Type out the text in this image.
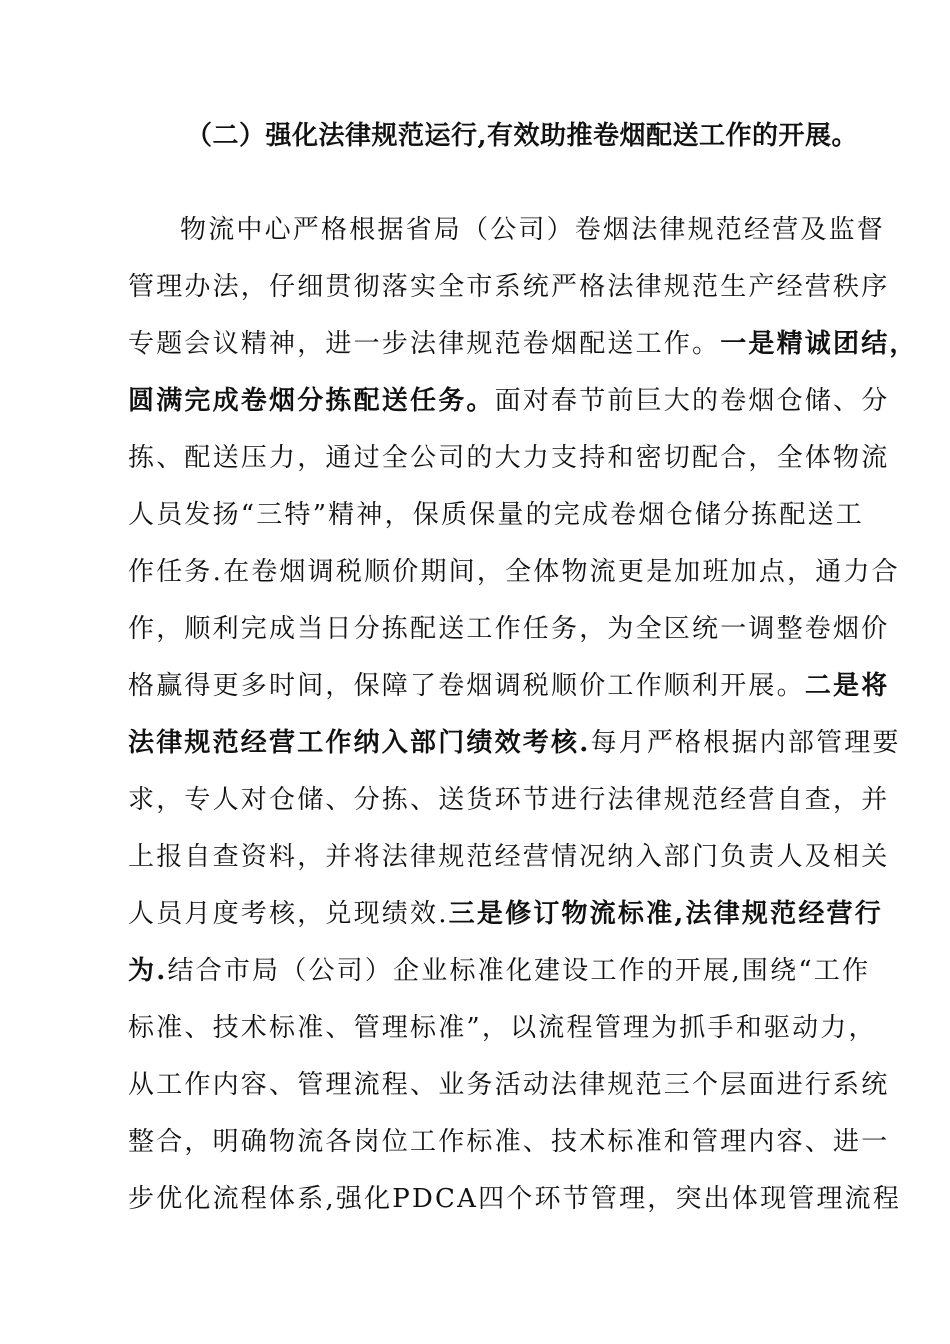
（二）强化法律规范运行,有效助推卷烟配送工作的开展。
物流中心严格根据省局（公司）卷烟法律规范经营及监督
管理办法，仔细贯彻落实全市系统严格法律规范生产经营秩序
专题会议精神，进一步法律规范卷烟配送工作。一是精诚团结，
圆满完成卷烟分拣配送任务。面对春节前巨大的卷烟仓储、分
拣、配送压力，通过全公司的大力支持和密切配合，全体物流
人员发扬“三特”精神，保质保量的完成卷烟仓储分拣配送工
作任务.在卷烟调税顺价期间，全体物流更是加班加点，通力合
作，顺利完成当日分拣配送工作任务，为全区统一调整卷烟价
格赢得更多时间，保障了卷烟调税顺价工作顺利开展。二是将
法律规范经营工作纳入部门绩效考核.每月严格根据内部管理要
求，专人对仓储、分拣、送货环节进行法律规范经营自查，并
上报自查资料，并将法律规范经营情况纳入部门负责人及相关
人员月度考核，兑现绩效.三是修订物流标准,法律规范经营行
为.结合市局（公司）企业标准化建设工作的开展,围绕“工作
标准、技术标准、管理标准”，以流程管理为抓手和驱动力，
从工作内容、管理流程、业务活动法律规范三个层面进行系统
整合，明确物流各岗位工作标准、技术标准和管理内容、进一
步优化流程体系,强化PDCA四个环节管理，突出体现管理流程
